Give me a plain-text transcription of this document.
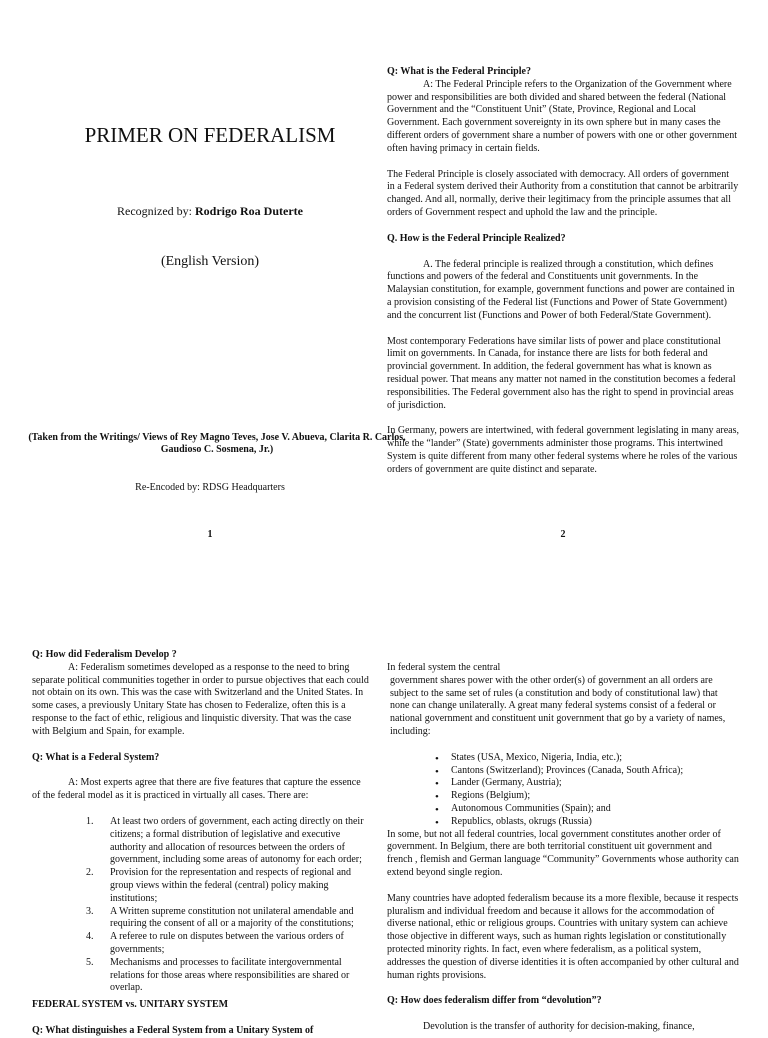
PRIMER ON FEDERALISM
Recognized by: Rodrigo Roa Duterte
(English Version)
(Taken from the Writings/ Views of Rey Magno Teves, Jose V. Abueva, Clarita R. Carlos, Gaudioso C. Sosmena, Jr.)
Re-Encoded by: RDSG Headquarters
1

Q: What is the Federal Principle?

A: The Federal Principle refers to the Organization of the Government where power and responsibilities are both divided and shared between the federal (National Government and the “Constituent Unit” (State, Province, Regional and Local Government. Each government sovereignty in its own sphere but in many cases the different orders of government share a number of powers with one or other government often having primacy in certain fields.

The Federal Principle is closely associated with democracy. All orders of government in a Federal system derived their Authority from a constitution that cannot be arbitrarily changed. And all, normally, derive their legitimacy from the principle assumes that all orders of Government respect and uphold the law and the principle.

Q. How is the Federal Principle Realized?

A. The federal principle is realized through a constitution, which defines functions and powers of the federal and Constituents unit governments. In the Malaysian constitution, for example, government functions and power are contained in a provision consisting of the Federal list (Functions and Power of State Government) and the concurrent list (Functions and Power of both Federal/State Government).

Most contemporary Federations have similar lists of power and place constitutional limit on governments. In Canada, for instance there are lists for both federal and provincial government. In addition, the federal government has what is known as residual power. That means any matter not named in the constitution becomes a federal responsibilities. The Federal government also has the right to spend in provincial areas of jurisdiction.

In Germany, powers are intertwined, with federal government legislating in many areas, while the “lander” (State) governments administer those programs. This intertwined System is quite different from many other federal systems where he roles of the various orders of government are quite distinct and separate.

2

Q: How did Federalism Develop ?

A: Federalism sometimes developed as a response to the need to bring separate political communities together in order to pursue objectives that each could not obtain on its own. This was the case with Switzerland and the United States. In some cases, a previously Unitary State has chosen to Federalize, often this is a response to the fact of ethic, religious and linquistic diversity. That was the case with Belgium and Spain, for example.

Q: What is a Federal System?

A: Most experts agree that there are five features that capture the essence of the federal model as it is practiced in virtually all cases. There are:

1. At least two orders of government, each acting directly on their citizens; a formal distribution of legislative and executive authority and allocation of resources between the orders of government, including some areas of autonomy for each order;
2. Provision for the representation and respects of regional and group views within the federal (central) policy making institutions;
3. A Written supreme constitution not unilateral amendable and requiring the consent of all or a majority of the constitutions;
4. A referee to rule on disputes between the various orders of governments;
5. Mechanisms and processes to facilitate intergovernmental relations for those areas where responsibilities are shared or overlap.

FEDERAL SYSTEM vs. UNITARY SYSTEM

Q: What distinguishes a Federal System from a Unitary System of

In federal system the central

government shares power with the other order(s) of government an all orders are subject to the same set of rules (a constitution and body of constitutional law) that none can change unilaterally. A great many federal systems consist of a federal or national government and constituent unit government that go by a variety of names, including:

• States (USA, Mexico, Nigeria, India, etc.);
• Cantons (Switzerland); Provinces (Canada, South Africa);
• Lander (Germany, Austria);
• Regions (Belgium);
• Autonomous Communities (Spain); and
• Republics, oblasts, okrugs (Russia)

In some, but not all federal countries, local government constitutes another order of government. In Belgium, there are both territorial constituent uit government and french , flemish and German language “Community” Governments whose authority can extend beyond single region.

Many countries have adopted federalism because its a more flexible, because it respects pluralism and individual freedom and because it allows for the accommodation of diverse national, ethic or religious groups. Countries with unitary system can achieve those objective in different ways, such as human rights legislation or constitutionally protected minority rights. In fact, even where federalism, as a political system, addresses the question of diverse identities it is often accompanied by other cultural and human rights provisions.

Q: How does federalism differ from “devolution”?

Devolution is the transfer of authority for decision-making, finance,
